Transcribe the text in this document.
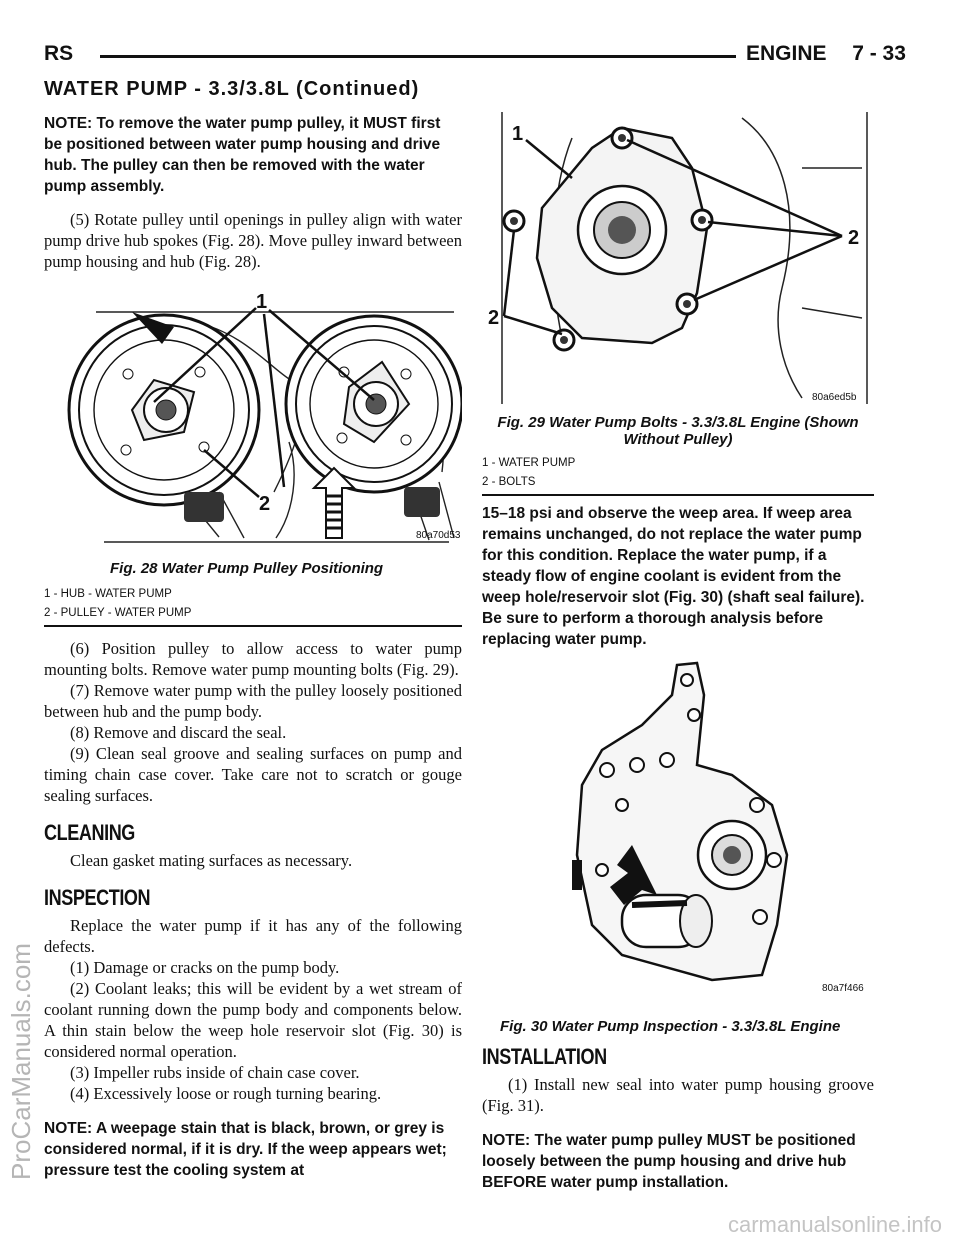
RS	ENGINE 7 - 33
WATER PUMP - 3.3/3.8L (Continued)

NOTE: To remove the water pump pulley, it MUST first be positioned between water pump housing and drive hub. The pulley can then be removed with the water pump assembly.

(5) Rotate pulley until openings in pulley align with water pump drive hub spokes (Fig. 28). Move pulley inward between pump housing and hub (Fig. 28).

1
2
80a70d53

Fig. 28 Water Pump Pulley Positioning

1 - HUB - WATER PUMP

2 - PULLEY - WATER PUMP

(6) Position pulley to allow access to water pump mounting bolts. Remove water pump mounting bolts (Fig. 29).

(7) Remove water pump with the pulley loosely positioned between hub and the pump body.

(8) Remove and discard the seal.

(9) Clean seal groove and sealing surfaces on pump and timing chain case cover. Take care not to scratch or gouge sealing surfaces.

CLEANING

Clean gasket mating surfaces as necessary.

INSPECTION

Replace the water pump if it has any of the following defects.

(1) Damage or cracks on the pump body.

(2) Coolant leaks; this will be evident by a wet stream of coolant running down the pump body and components below. A thin stain below the weep hole reservoir slot (Fig. 30) is considered normal operation.

(3) Impeller rubs inside of chain case cover.

(4) Excessively loose or rough turning bearing.

NOTE: A weepage stain that is black, brown, or grey is considered normal, if it is dry. If the weep appears wet; pressure test the cooling system at

1
2
2
80a6ed5b

Fig. 29 Water Pump Bolts - 3.3/3.8L Engine (Shown

Without Pulley)

1 - WATER PUMP

2 - BOLTS

15–18 psi and observe the weep area. If weep area remains unchanged, do not replace the water pump for this condition. Replace the water pump, if a steady flow of engine coolant is evident from the weep hole/reservoir slot (Fig. 30) (shaft seal failure). Be sure to perform a thorough analysis before replacing water pump.

80a7f466

Fig. 30 Water Pump Inspection - 3.3/3.8L Engine

INSTALLATION

(1) Install new seal into water pump housing groove (Fig. 31).

NOTE: The water pump pulley MUST be positioned loosely between the pump housing and drive hub BEFORE water pump installation.

ProCarManuals.com
carmanualsonline.info
